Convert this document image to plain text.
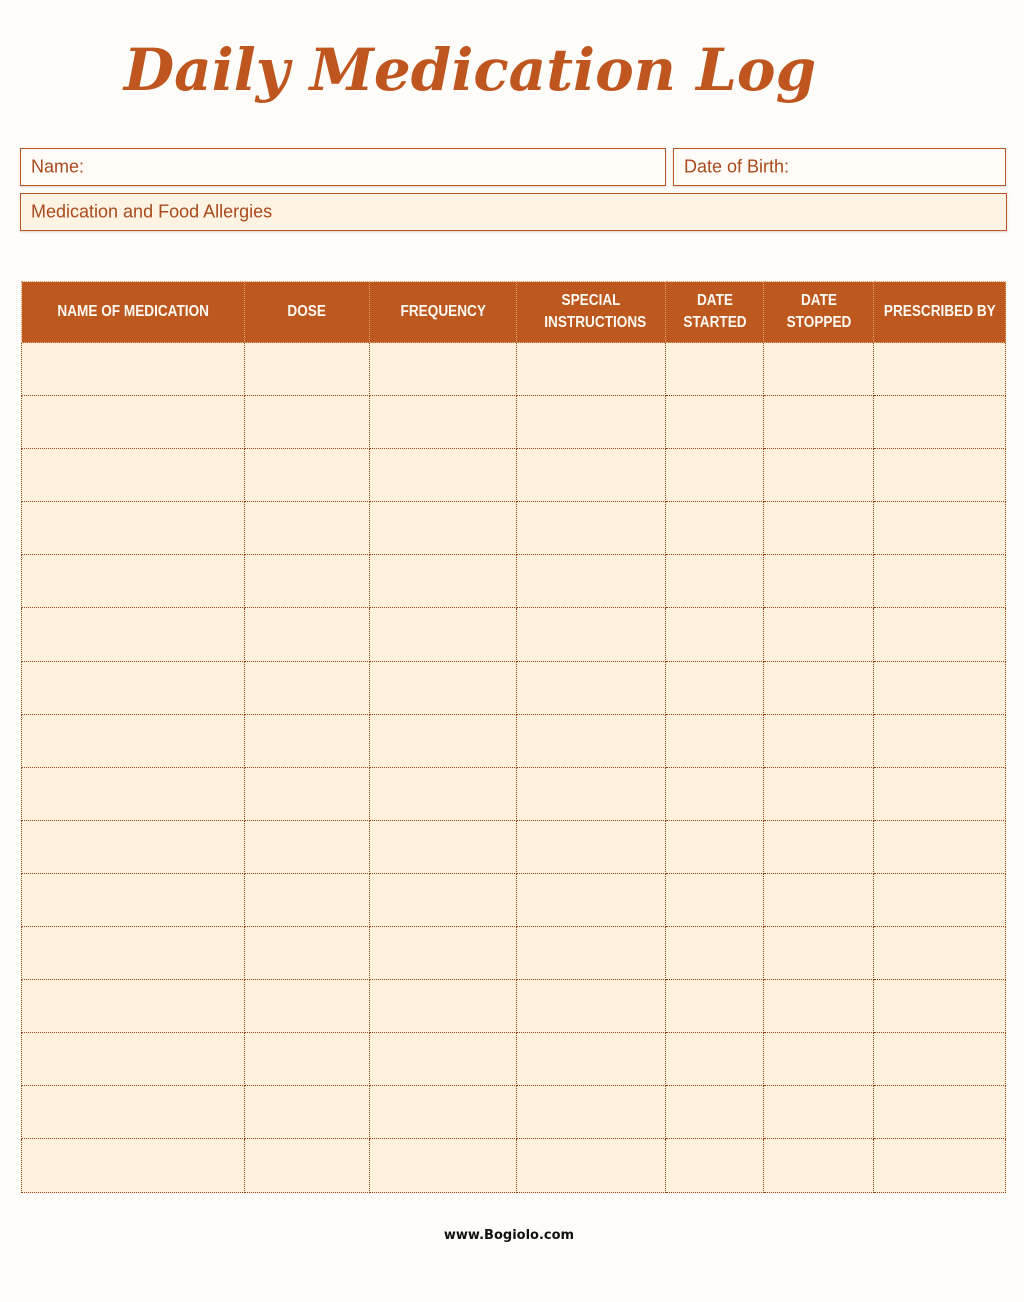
Daily Medication Log
Name:	Date of Birth:
Medication and Food Allergies
NAME OF MEDICATION	DOSE	FREQUENCY	SPECIAL INSTRUCTIONS	DATE STARTED	DATE STOPPED	PRESCRIBED BY

www.Bogiolo.com
